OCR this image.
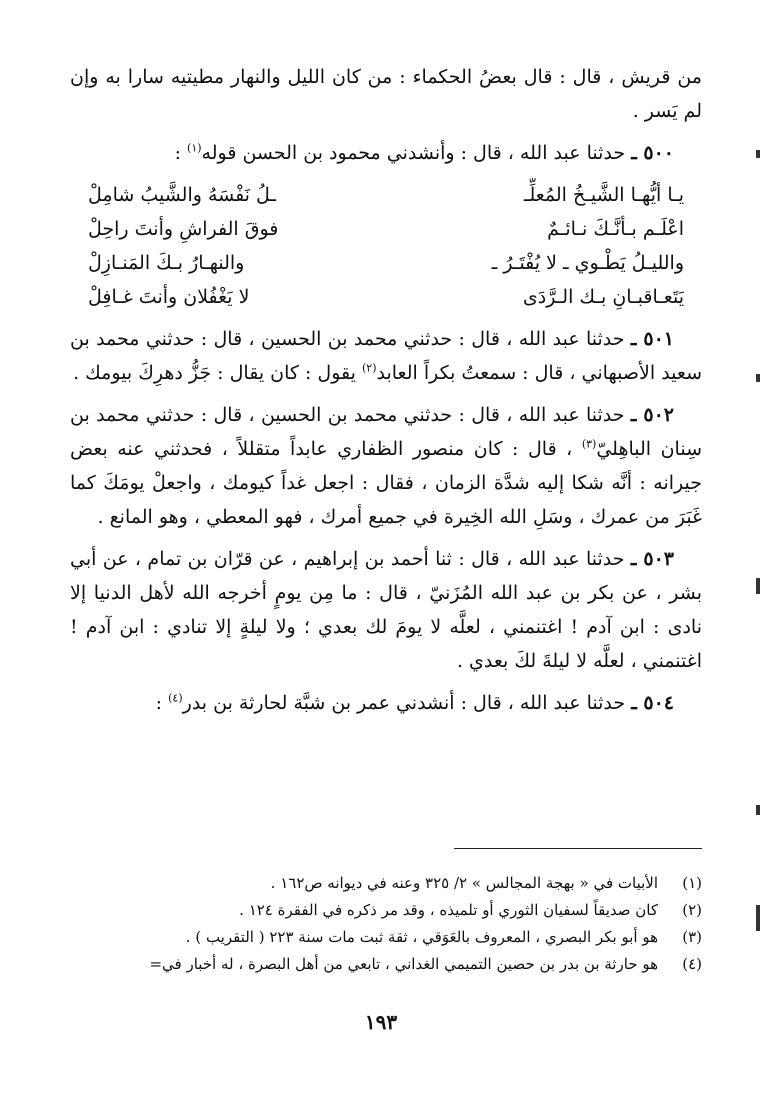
من قريش ، قال : قال بعضُ الحكماء : من كان الليل والنهار مطيتيه سارا به وإن لم يَسر .

٥٠٠ ـ حدثنا عبد الله ، قال : وأنشدني محمود بن الحسن قوله$^{(١)}$ :

يـا أيُّهـا الشَّيـخُ المُعلِّـ
ـلُ نَفْسَهُ والشَّيبُ شامِلْ
اعْلَـم بـأنَّـكَ نـائـمٌ
فوقَ الفراشِ وأنتَ راحِلْ
والليـلُ يَطْـوي ـ لا يُفْتَـرُ ـ
والنهـارُ بـكَ المَنـازِلْ
يَتَعـاقبـانِ بـك الـرَّدَى
لا يَغْفُلان وأنتَ غـافِلْ

٥٠١ ـ حدثنا عبد الله ، قال : حدثني محمد بن الحسين ، قال : حدثني محمد بن سعيد الأصبهاني ، قال : سمعتُ بكراً العابد$^{(٢)}$ يقول : كان يقال : جَزُّ دهرِكَ بيومك .

٥٠٢ ـ حدثنا عبد الله ، قال : حدثني محمد بن الحسين ، قال : حدثني محمد بن سِنان الباهِليّ$^{(٣)}$ ، قال : كان منصور الظفاري عابداً متقللاً ، فحدثني عنه بعض جيرانه : أنَّه شكا إليه شدَّة الزمان ، فقال : اجعل غداً كيومك ، واجعلْ يومَكَ كما غَبَرَ من عمرك ، وسَلِ الله الخِيرة في جميع أمرك ، فهو المعطي ، وهو المانع .

٥٠٣ ـ حدثنا عبد الله ، قال : ثنا أحمد بن إبراهيم ، عن قرّان بن تمام ، عن أبي بشر ، عن بكر بن عبد الله المُزَنيّ ، قال : ما مِن يومٍ أخرجه الله لأهل الدنيا إلا نادى : ابن آدم ! اغتنمني ، لعلَّه لا يومَ لك بعدي ؛ ولا ليلةٍ إلا تنادي : ابن آدم ! اغتنمني ، لعلَّه لا ليلةَ لكَ بعدي .

٥٠٤ ـ حدثنا عبد الله ، قال : أنشدني عمر بن شبَّة لحارثة بن بدر$^{(٤)}$ :

(١)
الأبيات في « بهجة المجالس » ٢/ ٣٢٥ وعنه في ديوانه ص١٦٢ .
(٢)
كان صديقاً لسفيان الثوري أو تلميذه ، وقد مر ذكره في الفقرة ١٢٤ .
(٣)
هو أبو بكر البصري ، المعروف بالعَوَقي ، ثقة ثبت مات سنة ٢٢٣ ( التقريب ) .
(٤)
هو حارثة بن بدر بن حصين التميمي الغداني ، تابعي من أهل البصرة ، له أخبار في=
١٩٣
